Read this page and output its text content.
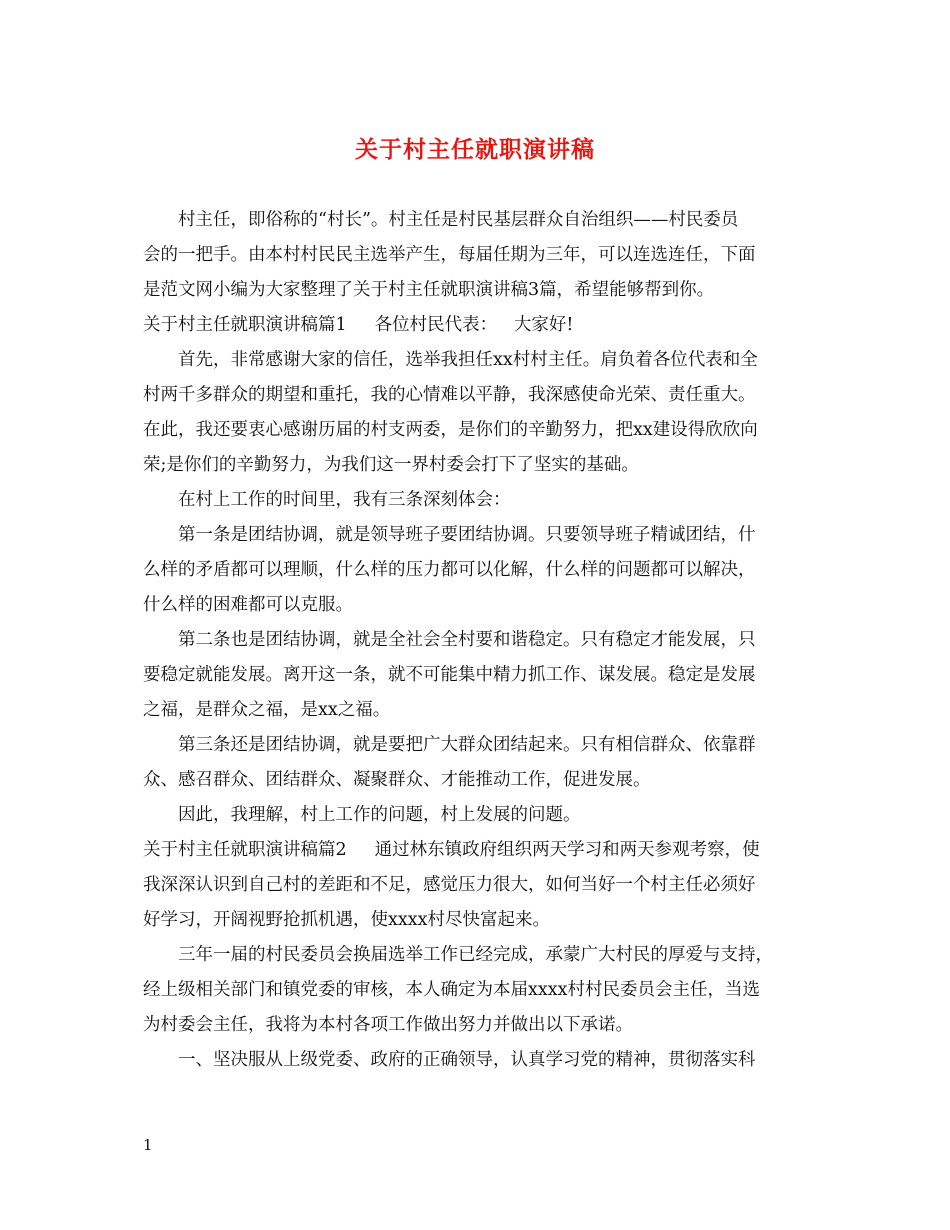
关于村主任就职演讲稿
村主任，即俗称的“村长”。村主任是村民基层群众自治组织——村民委员
会的一把手。由本村村民民主选举产生，每届任期为三年，可以连选连任，下面
是范文网小编为大家整理了关于村主任就职演讲稿3篇，希望能够帮到你。
关于村主任就职演讲稿篇1 各位村民代表： 大家好!
首先，非常感谢大家的信任，选举我担任xx村村主任。肩负着各位代表和全
村两千多群众的期望和重托，我的心情难以平静，我深感使命光荣、责任重大。
在此，我还要衷心感谢历届的村支两委，是你们的辛勤努力，把xx建设得欣欣向
荣;是你们的辛勤努力，为我们这一界村委会打下了坚实的基础。
在村上工作的时间里，我有三条深刻体会：
第一条是团结协调，就是领导班子要团结协调。只要领导班子精诚团结，什
么样的矛盾都可以理顺，什么样的压力都可以化解，什么样的问题都可以解决，
什么样的困难都可以克服。
第二条也是团结协调，就是全社会全村要和谐稳定。只有稳定才能发展，只
要稳定就能发展。离开这一条，就不可能集中精力抓工作、谋发展。稳定是发展
之福，是群众之福，是xx之福。
第三条还是团结协调，就是要把广大群众团结起来。只有相信群众、依靠群
众、感召群众、团结群众、凝聚群众、才能推动工作，促进发展。
因此，我理解，村上工作的问题，村上发展的问题。
关于村主任就职演讲稿篇2 通过林东镇政府组织两天学习和两天参观考察，使
我深深认识到自己村的差距和不足，感觉压力很大，如何当好一个村主任必须好
好学习，开阔视野抢抓机遇，使xxxx村尽快富起来。
三年一届的村民委员会换届选举工作已经完成，承蒙广大村民的厚爱与支持，
经上级相关部门和镇党委的审核，本人确定为本届xxxx村村民委员会主任，当选
为村委会主任，我将为本村各项工作做出努力并做出以下承诺。
一、坚决服从上级党委、政府的正确领导，认真学习党的精神，贯彻落实科
1
